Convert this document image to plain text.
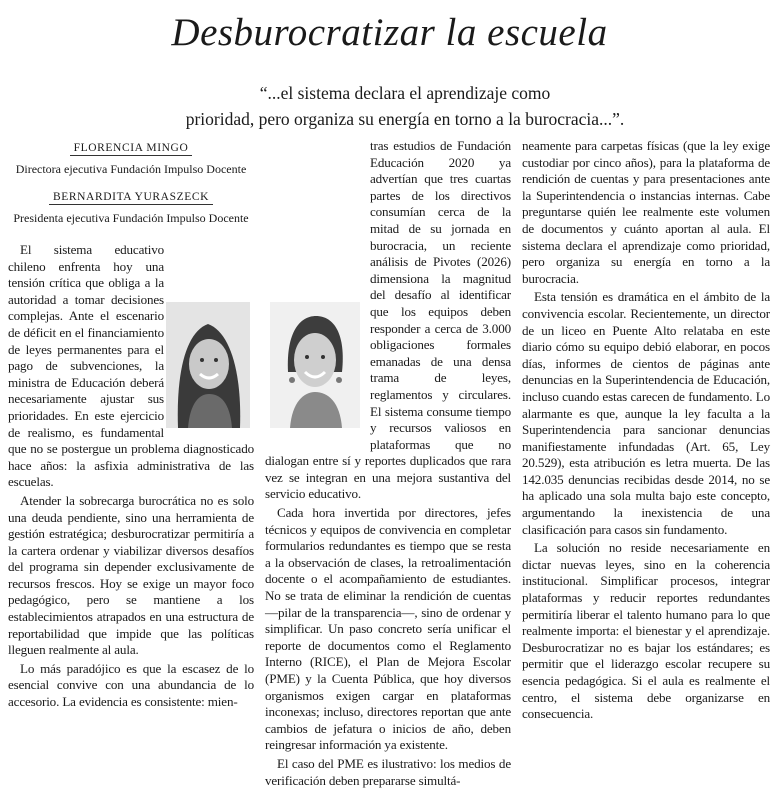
Desburocratizar la escuela
“...el sistema declara el aprendizaje como
prioridad, pero organiza su energía en torno a la burocracia...”.
FLORENCIA MINGO
Directora ejecutiva Fundación Impulso Docente
BERNARDITA YURASZECK
Presidenta ejecutiva Fundación Impulso Docente

El sistema educativo chileno enfrenta hoy una tensión crítica que obliga a la autoridad a tomar decisiones complejas. Ante el escenario de déficit en el financiamiento de leyes permanentes para el pago de subvenciones, la ministra de Educación deberá necesariamente ajustar sus prioridades. En este ejercicio de realismo, es fundamental que no se postergue un problema diagnosticado hace años: la asfixia administrativa de las escuelas.

Atender la sobrecarga burocrática no es solo una deuda pendiente, sino una herramienta de gestión estratégica; desburocratizar permitiría a la cartera ordenar y viabilizar diversos desafíos del programa sin depender exclusivamente de recursos frescos. Hoy se exige un mayor foco pedagógico, pero se mantiene a los establecimientos atrapados en una estructura de reportabilidad que impide que las políticas lleguen realmente al aula.

Lo más paradójico es que la escasez de lo esencial convive con una abundancia de lo accesorio. La evidencia es consistente: mien-

tras estudios de Fundación Educación 2020 ya advertían que tres cuartas partes de los directivos consumían cerca de la mitad de su jornada en burocracia, un reciente análisis de Pivotes (2026) dimensiona la magnitud del desafío al identificar que los equipos deben responder a cerca de 3.000 obligaciones formales emanadas de una densa trama de leyes, reglamentos y circulares. El sistema consume tiempo y recursos valiosos en plataformas que no dialogan entre sí y reportes duplicados que rara vez se integran en una mejora sustantiva del servicio educativo.

Cada hora invertida por directores, jefes técnicos y equipos de convivencia en completar formularios redundantes es tiempo que se resta a la observación de clases, la retroalimentación docente o el acompañamiento de estudiantes. No se trata de eliminar la rendición de cuentas —pilar de la transparencia—, sino de ordenar y simplificar. Un paso concreto sería unificar el reporte de documentos como el Reglamento Interno (RICE), el Plan de Mejora Escolar (PME) y la Cuenta Pública, que hoy diversos organismos exigen cargar en plataformas inconexas; incluso, directores reportan que ante cambios de jefatura o inicios de año, deben reingresar información ya existente.

El caso del PME es ilustrativo: los medios de verificación deben prepararse simultá-

neamente para carpetas físicas (que la ley exige custodiar por cinco años), para la plataforma de rendición de cuentas y para presentaciones ante la Superintendencia o instancias internas. Cabe preguntarse quién lee realmente este volumen de documentos y cuánto aportan al aula. El sistema declara el aprendizaje como prioridad, pero organiza su energía en torno a la burocracia.

Esta tensión es dramática en el ámbito de la convivencia escolar. Recientemente, un director de un liceo en Puente Alto relataba en este diario cómo su equipo debió elaborar, en pocos días, informes de cientos de páginas ante denuncias en la Superintendencia de Educación, incluso cuando estas carecen de fundamento. Lo alarmante es que, aunque la ley faculta a la Superintendencia para sancionar denuncias manifiestamente infundadas (Art. 65, Ley 20.529), esta atribución es letra muerta. De las 142.035 denuncias recibidas desde 2014, no se ha aplicado una sola multa bajo este concepto, argumentando la inexistencia de una clasificación para casos sin fundamento.

La solución no reside necesariamente en dictar nuevas leyes, sino en la coherencia institucional. Simplificar procesos, integrar plataformas y reducir reportes redundantes permitiría liberar el talento humano para lo que realmente importa: el bienestar y el aprendizaje. Desburocratizar no es bajar los estándares; es permitir que el liderazgo escolar recupere su esencia pedagógica. Si el aula es realmente el centro, el sistema debe organizarse en consecuencia.
